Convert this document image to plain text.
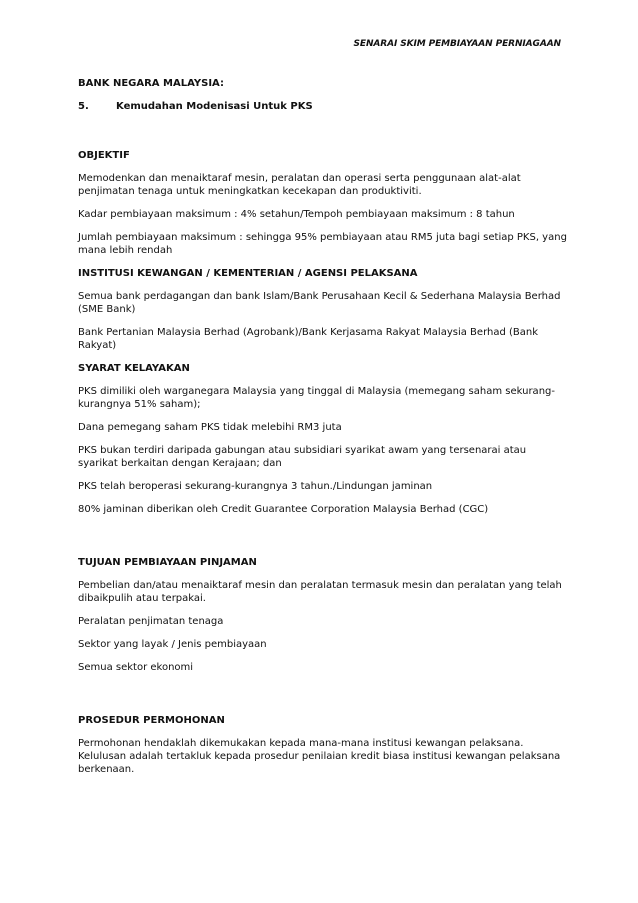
SENARAI SKIM PEMBIAYAAN PERNIAGAAN
BANK NEGARA MALAYSIA:
5.	Kemudahan Modenisasi Untuk PKS
OBJEKTIF

Memodenkan dan menaiktaraf mesin, peralatan dan operasi serta penggunaan alat-alat penjimatan tenaga untuk meningkatkan kecekapan dan produktiviti.

Kadar pembiayaan maksimum : 4% setahun/Tempoh pembiayaan maksimum : 8 tahun

Jumlah pembiayaan maksimum : sehingga 95% pembiayaan atau RM5 juta bagi setiap PKS, yang mana lebih rendah

INSTITUSI KEWANGAN / KEMENTERIAN / AGENSI PELAKSANA

Semua bank perdagangan dan bank Islam/Bank Perusahaan Kecil & Sederhana Malaysia Berhad (SME Bank)

Bank Pertanian Malaysia Berhad (Agrobank)/Bank Kerjasama Rakyat Malaysia Berhad (Bank Rakyat)

SYARAT KELAYAKAN

PKS dimiliki oleh warganegara Malaysia yang tinggal di Malaysia (memegang saham sekurang-kurangnya 51% saham);

Dana pemegang saham PKS tidak melebihi RM3 juta

PKS bukan terdiri daripada gabungan atau subsidiari syarikat awam yang tersenarai atau syarikat berkaitan dengan Kerajaan; dan

PKS telah beroperasi sekurang-kurangnya 3 tahun./Lindungan jaminan

80% jaminan diberikan oleh Credit Guarantee Corporation Malaysia Berhad (CGC)

TUJUAN PEMBIAYAAN PINJAMAN

Pembelian dan/atau menaiktaraf mesin dan peralatan termasuk mesin dan peralatan yang telah dibaikpulih atau terpakai.

Peralatan penjimatan tenaga

Sektor yang layak / Jenis pembiayaan

Semua sektor ekonomi

PROSEDUR PERMOHONAN

Permohonan hendaklah dikemukakan kepada mana-mana institusi kewangan pelaksana. Kelulusan adalah tertakluk kepada prosedur penilaian kredit biasa institusi kewangan pelaksana berkenaan.
